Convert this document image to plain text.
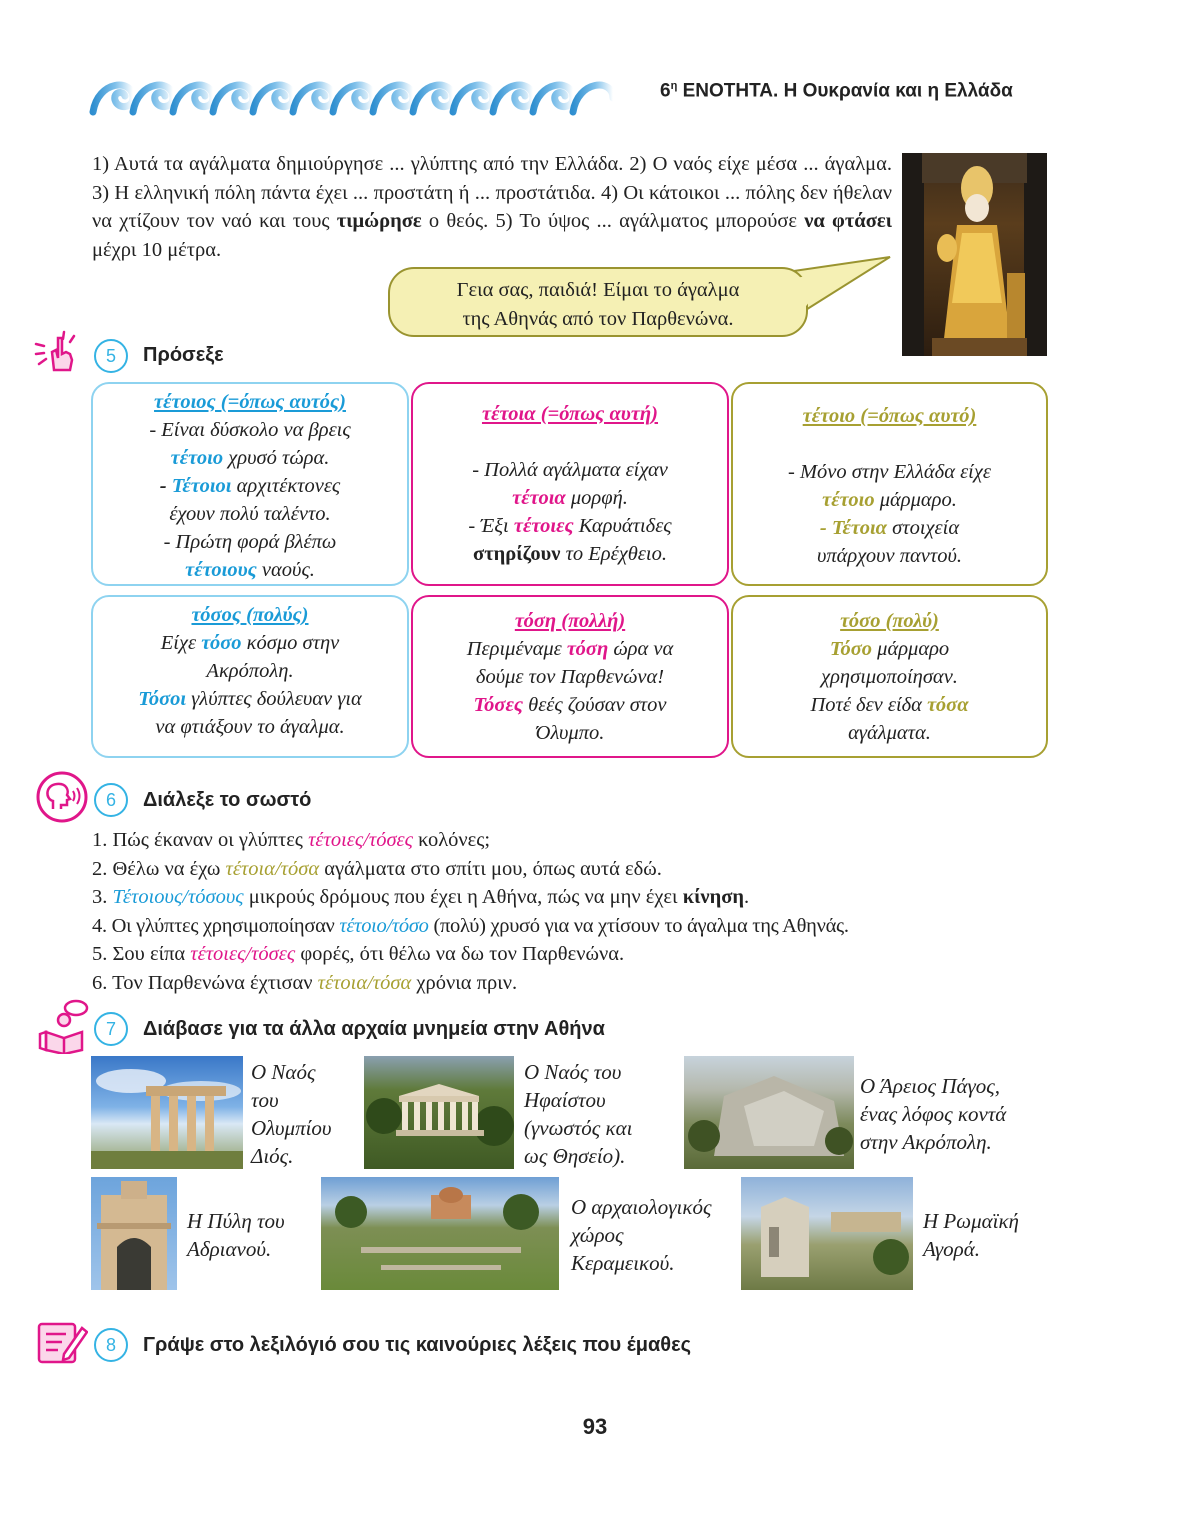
$6^\eta$ ΕΝΟΤΗΤΑ. Η Ουκρανία και η Ελλάδα
1) Αυτά τα αγάλματα δημιούργησε ... γλύπτης από την Ελλάδα. 2) Ο ναός είχε μέσα ... άγαλμα. 3) Η ελληνική πόλη πάντα έχει ... προστάτη ή ... προστάτιδα. 4) Οι κάτοικοι ... πόλης δεν ήθελαν να χτίζουν τον ναό και τους τιμώρησε ο θεός. 5) Το ύψος ... αγάλματος μπορούσε να φτάσει μέχρι 10 μέτρα.
Γεια σας, παιδιά! Είμαι το άγαλμα
της Αθηνάς από τον Παρθενώνα.
5	Πρόσεξε
τέτοιος (=όπως αυτός)
- Είναι δύσκολο να βρεις
τέτοιο χρυσό τώρα.
- Τέτοιοι αρχιτέκτονες
έχουν πολύ ταλέντο.
- Πρώτη φορά βλέπω
τέτοιους ναούς.
τέτοια (=όπως αυτή)
- Πολλά αγάλματα είχαν
τέτοια μορφή.
- Έξι τέτοιες Καρυάτιδες
στηρίζουν το Ερέχθειο.
τέτοιο (=όπως αυτό)
- Μόνο στην Ελλάδα είχε
τέτοιο μάρμαρο.
- Τέτοια στοιχεία
υπάρχουν παντού.
τόσος (πολύς)
Είχε τόσο κόσμο στην
Ακρόπολη.
Τόσοι γλύπτες δούλευαν για
να φτιάξουν το άγαλμα.
τόση (πολλή)
Περιμέναμε τόση ώρα να
δούμε τον Παρθενώνα!
Τόσες θεές ζούσαν στον
Όλυμπο.
τόσο (πολύ)
Τόσο μάρμαρο
χρησιμοποίησαν.
Ποτέ δεν είδα τόσα
αγάλματα.
6	Διάλεξε το σωστό
1. Πώς έκαναν οι γλύπτες τέτοιες/τόσες κολόνες;
2. Θέλω να έχω τέτοια/τόσα αγάλματα στο σπίτι μου, όπως αυτά εδώ.
3. Τέτοιους/τόσους μικρούς δρόμους που έχει η Αθήνα, πώς να μην έχει κίνηση.
4. Οι γλύπτες χρησιμοποίησαν τέτοιο/τόσο (πολύ) χρυσό για να χτίσουν το άγαλμα της Αθηνάς.
5. Σου είπα τέτοιες/τόσες φορές, ότι θέλω να δω τον Παρθενώνα.
6. Τον Παρθενώνα έχτισαν τέτοια/τόσα χρόνια πριν.
7	Διάβασε για τα άλλα αρχαία μνημεία στην Αθήνα
Ο Ναός
του
Ολυμπίου
Διός.
Ο Ναός του
Ηφαίστου
(γνωστός και
ως Θησείο).
Ο Άρειος Πάγος,
ένας λόφος κοντά
στην Ακρόπολη.
Η Πύλη του
Αδριανού.
Ο αρχαιολογικός
χώρος
Κεραμεικού.
Η Ρωμαϊκή
Αγορά.
8	Γράψε στο λεξιλόγιό σου τις καινούριες λέξεις που έμαθες
93
